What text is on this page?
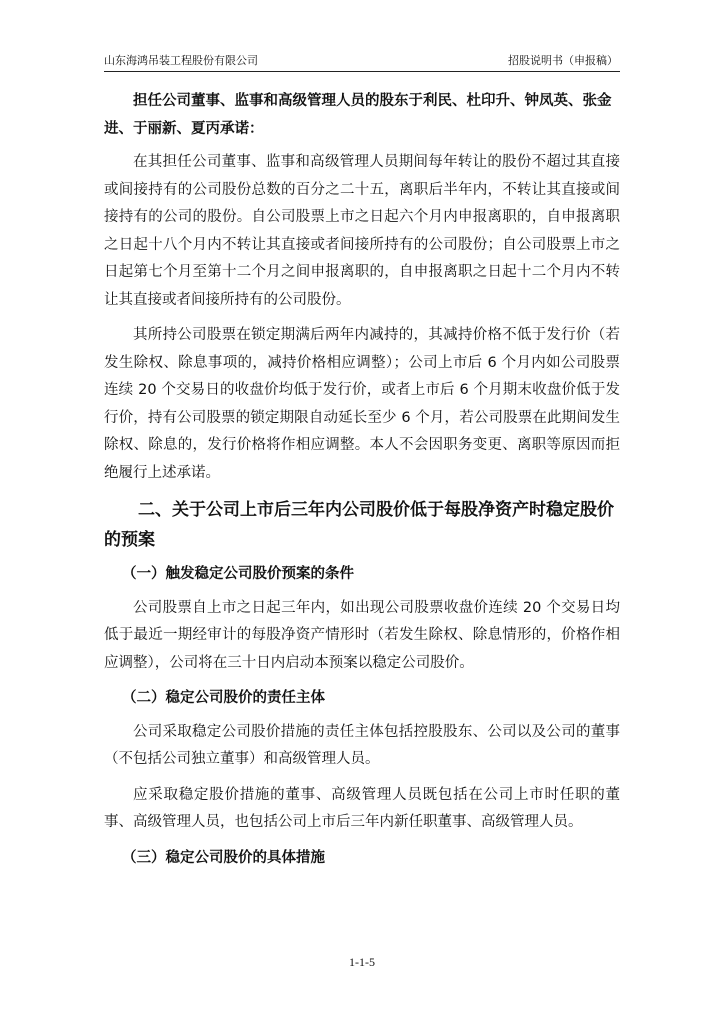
山东海鸿吊装工程股份有限公司	招股说明书（申报稿）

担任公司董事、监事和高级管理人员的股东于利民、杜印升、钟凤英、张金进、于丽新、夏丙承诺：

在其担任公司董事、监事和高级管理人员期间每年转让的股份不超过其直接或间接持有的公司股份总数的百分之二十五，离职后半年内，不转让其直接或间接持有的公司的股份。自公司股票上市之日起六个月内申报离职的，自申报离职之日起十八个月内不转让其直接或者间接所持有的公司股份；自公司股票上市之日起第七个月至第十二个月之间申报离职的，自申报离职之日起十二个月内不转让其直接或者间接所持有的公司股份。

其所持公司股票在锁定期满后两年内减持的，其减持价格不低于发行价（若发生除权、除息事项的，减持价格相应调整）；公司上市后 6 个月内如公司股票连续 20 个交易日的收盘价均低于发行价，或者上市后 6 个月期末收盘价低于发行价，持有公司股票的锁定期限自动延长至少 6 个月，若公司股票在此期间发生除权、除息的，发行价格将作相应调整。本人不会因职务变更、离职等原因而拒绝履行上述承诺。

二、关于公司上市后三年内公司股价低于每股净资产时稳定股价的预案

（一）触发稳定公司股价预案的条件

公司股票自上市之日起三年内，如出现公司股票收盘价连续 20 个交易日均低于最近一期经审计的每股净资产情形时（若发生除权、除息情形的，价格作相应调整），公司将在三十日内启动本预案以稳定公司股价。

（二）稳定公司股价的责任主体

公司采取稳定公司股价措施的责任主体包括控股股东、公司以及公司的董事（不包括公司独立董事）和高级管理人员。

应采取稳定股价措施的董事、高级管理人员既包括在公司上市时任职的董事、高级管理人员，也包括公司上市后三年内新任职董事、高级管理人员。

（三）稳定公司股价的具体措施

1-1-5
